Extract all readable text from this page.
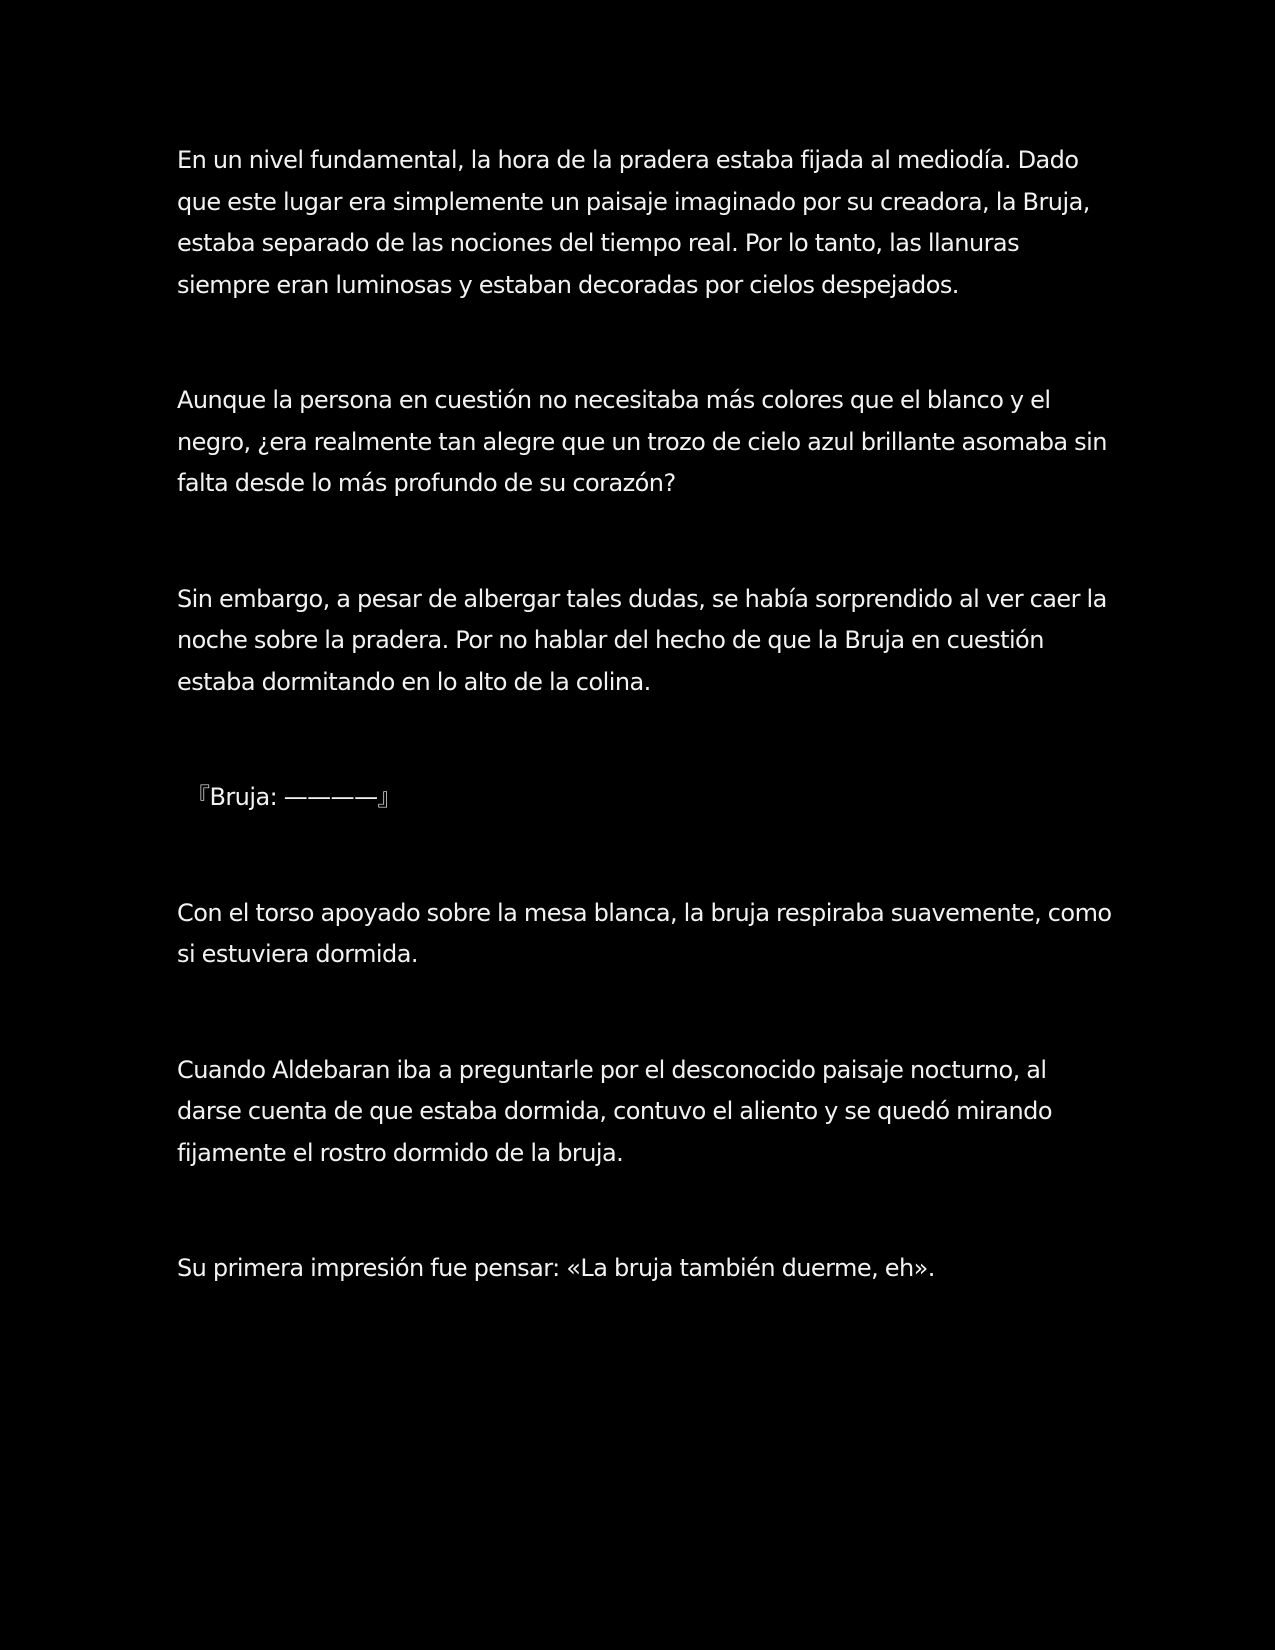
En un nivel fundamental, la hora de la pradera estaba fijada al mediodía. Dado que este lugar era simplemente un paisaje imaginado por su creadora, la Bruja, estaba separado de las nociones del tiempo real. Por lo tanto, las llanuras siempre eran luminosas y estaban decoradas por cielos despejados.

Aunque la persona en cuestión no necesitaba más colores que el blanco y el negro, ¿era realmente tan alegre que un trozo de cielo azul brillante asomaba sin falta desde lo más profundo de su corazón?

Sin embargo, a pesar de albergar tales dudas, se había sorprendido al ver caer la noche sobre la pradera. Por no hablar del hecho de que la Bruja en cuestión estaba dormitando en lo alto de la colina.

『Bruja: ————』

Con el torso apoyado sobre la mesa blanca, la bruja respiraba suavemente, como si estuviera dormida.

Cuando Aldebaran iba a preguntarle por el desconocido paisaje nocturno, al darse cuenta de que estaba dormida, contuvo el aliento y se quedó mirando fijamente el rostro dormido de la bruja.

Su primera impresión fue pensar: «La bruja también duerme, eh».
